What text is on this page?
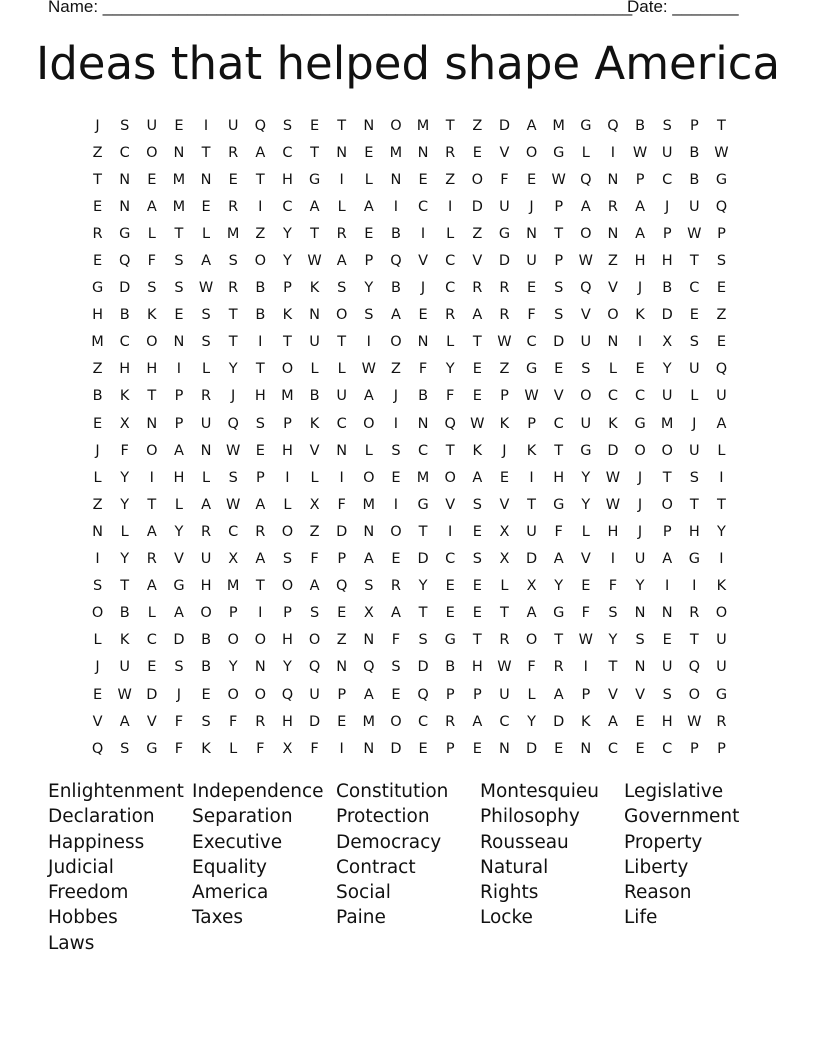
Name: ________________________________________________________
Date: _______
Ideas that helped shape America
J	S	U	E	I	U	Q	S	E	T	N	O	M	T	Z	D	A	M	G	Q	B	S	P	T
Z	C	O	N	T	R	A	C	T	N	E	M	N	R	E	V	O	G	L	I	W	U	B	W
T	N	E	M	N	E	T	H	G	I	L	N	E	Z	O	F	E	W Q	N	P	C	B	G
E	N	A	M	E	R	I	C	A	L	A	I	C	I	D	U	J	P	A	R	A	J	U	Q
R	G	L	T	L	M	Z	Y	T	R	E	B	I	L	Z	G	N	T	O	N	A	P	W	P
E	Q	F	S	A	S	O	Y	W	A	P	Q	V	C	V	D	U	P	W	Z	H	H	T	S
G	D	S	S	W	R	B	P	K	S	Y	B	J	C	R	R	E	S	Q	V	J	B	C	E
H	B	K	E	S	T	B	K	N	O	S	A	E	R	A	R	F	S	V	O	K	D	E	Z
M	C	O	N	S	T	I	T	U	T	I	O	N	L	T	W	C	D	U	N	I	X	S	E
Z	H	H	I	L	Y	T	O	L	L	W	Z	F	Y	E	Z	G	E	S	L	E	Y	U	Q
B	K	T	P	R	J	H	M	B	U	A	J	B	F	E	P	W	V	O	C	C	U	L	U
E	X	N	P	U	Q	S	P	K	C	O	I	N	Q W	K	P	C	U	K	G	M	J	A
J	F	O	A	N	W	E	H	V	N	L	S	C	T	K	J	K	T	G	D	O	O	U	L
L	Y	I	H	L	S	P	I	L	I	O	E	M	O	A	E	I	H	Y	W	J	T	S	I
Z	Y	T	L	A	W	A	L	X	F	M	I	G	V	S	V	T	G	Y	W	J	O	T	T
N	L	A	Y	R	C	R	O	Z	D	N	O	T	I	E	X	U	F	L	H	J	P	H	Y
I	Y	R	V	U	X	A	S	F	P	A	E	D	C	S	X	D	A	V	I	U	A	G	I
S	T	A	G	H	M	T	O	A	Q	S	R	Y	E	E	L	X	Y	E	F	Y	I	I	K
O	B	L	A	O	P	I	P	S	E	X	A	T	E	E	T	A	G	F	S	N	N	R	O
L	K	C	D	B	O	O	H	O	Z	N	F	S	G	T	R	O	T	W	Y	S	E	T	U
J	U	E	S	B	Y	N	Y	Q	N	Q	S	D	B	H	W	F	R	I	T	N	U	Q	U
E	W D	J	E	O	O	Q	U	P	A	E	Q	P	P	U	L	A	P	V	V	S	O	G
V	A	V	F	S	F	R	H	D	E	M	O	C	R	A	C	Y	D	K	A	E	H	W	R
Q	S	G	F	K	L	F	X	F	I	N	D	E	P	E	N	D	E	N	C	E	C	P	P
Enlightenment Independence Constitution	Montesquieu	Legislative
Declaration	Separation	Protection	Philosophy	Government
Happiness	Executive	Democracy	Rousseau	Property
Judicial	Equality	Contract	Natural	Liberty
Freedom	America	Social	Rights	Reason
Hobbes	Taxes	Paine	Locke	Life
Laws
